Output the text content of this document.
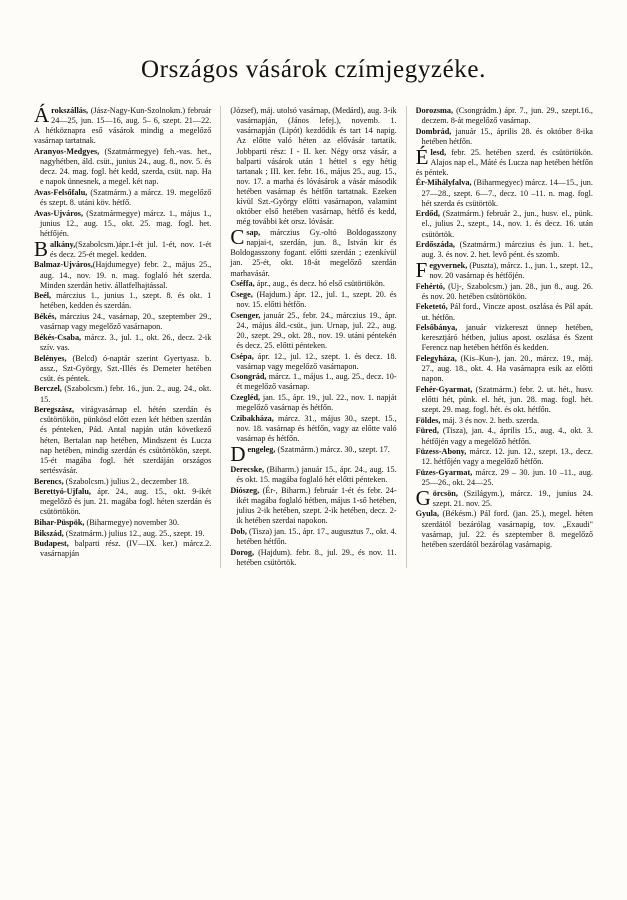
Országos vásárok czímjegyzéke.

Árokszállás, (Jász-Nagy-Kun-Szolnokm.) február 24—25, jun. 15—16, aug. 5– 6, szept. 21—22. A hétköznapra eső vásárok mindig a megelőző vasárnap tartatnak.

Aranyos-Medgyes, (Szatmármegye) feh.-vas. het., nagyhétben, áld. csüt., junius 24., aug. 8., nov. 5. és decz. 24. mag. fogl. hét kedd, szerda, csüt. nap. Ha e napok ünnesnek, a megel. két nap.

Avas-Felsőfalu, (Szatmárm.) a márcz. 19. megelőző és szept. 8. utáni köv. hétfő.

Avas-Ujváros, (Szatmármegye) márcz. 1., május 1., junius 12., aug. 15., okt. 25. mag. fogl. het. hétfőjén.

Balkány,(Szabolcsm.)ápr.1-ét jul. 1-ét, nov. 1-ét és decz. 25-ét megel. kedden.

Balmaz-Ujváros,(Hajdumegye) febr. 2., május 25., aug. 14., nov. 19. n. mag. foglaló hét szerda. Minden szerdán hetiv. állatfelhajtással.

Beél, márczius 1., junius 1., szept. 8. és okt. 1 hetében, kedden és szerdán.

Békés, márczius 24., vasárnap, 20., szeptember 29., vasárnap vagy megelőző vasárnapon.

Békés-Csaba, márcz. 3., jul. 1., okt. 26., decz. 2-ik szív. vas.

Belényes, (Belcd) ó-naptár szerint Gyertyasz. b. assz., Szt-György, Szt.-Illés és Demeter hetében csüt. és péntek.

Berczel, (Szabolcsm.) febr. 16., jun. 2., aug. 24., okt. 15.

Beregszász, virágvasárnap el. hétén szerdán és csütörtökön, pünkösd előtt ezen két hétben szerdán és pénteken, Pád. Antal napján után következő héten, Bertalan nap hetében, Mindszent és Lucza nap hetében, mindig szerdán és csütörtökön, szept. 15-ét magába fogl. hét szerdáján országos sertésvásár.

Berencs, (Szabolcsm.) julius 2., deczember 18.

Berettyó-Ujfalu, ápr. 24., aug. 15., okt. 9-ikét megelőző és jun. 21. magába fogl. héten szerdán és csütörtökön.

Bihar-Püspök, (Biharmegye) november 30.

Bikszád, (Szatmárm.) julius 12., aug. 25., szept. 19.

Budapest, balparti rész. (IV—IX. ker.) márcz.2. vasárnapján

(József), máj. utolsó vasárnap, (Medárd), aug. 3-ik vasárnapján, (János lefej.), novemb. 1. vasárnapján (Lipót) kezdődik és tart 14 napig. Az előtte való héten az elővásár tartatik. Jobbparti rész: I - II. ker. Négy orsz vásár, a balparti vásárok után 1 héttel s egy hétig tartanak ; III. ker. febr. 16., május 25., aug. 15., nov. 17. a marha és lóvásárok a vásár második hetében vasárnap és hétfőn tartatnak. Ezeken kívül Szt.-György előtti vasárnapon, valamint október első hetében vasárnap, hétfő és kedd, még további két orsz. lóvásár.

Csap, márczius Gy.-oltó Boldogasszony napjai-t, szerdán, jun. 8., István kir és Boldogasszony fogant. előtti szerdán ; ezenkívül jan. 25-ét, okt. 18-át megelőző szerdán marhavásár.

Cséffa, ápr., aug., és decz. hó első csütörtökön.

Csege, (Hajdum.) ápr. 12., jul. 1., szept. 20. és nov. 15. előtti hétfőn.

Csenger, január 25., febr. 24., márczius 19., ápr. 24., május áld.-csüt., jun. Urnap, jul. 22., aug. 20., szept. 29., okt. 28., nov. 19. utáni péntekén és decz. 25. előtti pénteken.

Csépa, ápr. 12., jul. 12., szept. 1. és decz. 18. vasárnap vagy megelőző vasárnapon.

Csongrád, márcz. 1., május 1., aug. 25., decz. 10-ét megelőző vasárnap.

Czegléd, jan. 15., ápr. 19., jul. 22., nov. 1. napját megelőző vasárnap és hétfőn.

Czibakháza, márcz. 31., május 30., szept. 15., nov. 18. vasárnap és hétfőn, vagy az előtte való vasárnap és hétfőn.

Dengeleg, (Szatmárm.) márcz. 30., szept. 17.

Derecske, (Biharm.) január 15., ápr. 24., aug. 15. és okt. 15. magába foglaló hét előtti pénteken.

Diószeg, (Ér-, Biharm.) február 1-ét és febr. 24-ikét magába foglaló hétben, május 1-ső hetében, julius 2-ik hetében, szept. 2-ik hetében, decz. 2-ik hetében szerdai napokon.

Dob, (Tisza) jan. 15., ápr. 17., augusztus 7., okt. 4. hetében hétfőn.

Dorog, (Hajdum). febr. 8., jul. 29., és nov. 11. hetében csütörtök.

Dorozsma, (Csongrádm.) ápr. 7., jun. 29., szept.16., deczem. 8-át megelőző vasárnap.

Dombrád, január 15., április 28. és október 8-ika hetében hétfőn.

Élesd, febr. 25. hetében szerd. és csütörtökön. Alajos nap el., Máté és Lucza nap hetében hétfőn és péntek.

Ér-Mihályfalva, (Biharmegyec) márcz. 14—15., jun. 27—28., szept. 6—7., decz. 10 –11. n. mag. fogl. hét szerda és csütörtök.

Erdőd, (Szatmárm.) február 2., jun., husv. el., pünk. el., julius 2., szept., 14., nov. 1. és decz. 16. után csütörtök.

Erdőszáda, (Szatmárm.) márczius és jun. 1. het., aug. 3. és nov. 2. het. levő pént. és szomb.

Fegyvernek, (Puszta), márcz. 1., jun. 1., szept. 12., nov. 20 vasárnap és hétfőjén.

Fehértó, (Uj-, Szabolcsm.) jan. 28., jun 8., aug. 26. és nov. 20. hetében csütörtökön.

Feketetó, Pál ford., Vincze apost. oszlása és Pál apát. ut. hétfőn.

Felsőbánya, január vizkereszt ünnep hetében, keresztjáró hétben, julius apost. oszlása és Szent Ferencz nap hetében hétfőn és kedden.

Felegyháza, (Kis–Kun-), jan. 20., márcz. 19., máj. 27., aug. 18., okt. 4. Ha vasárnapra esik az előtti napon.

Fehér-Gyarmat, (Szatmárm.) febr. 2. ut. hét., husv. előtti hét, pünk. el. hét, jun. 28. mag. fogl. hét. szept. 29. mag. fogl. hét. és okt. hétfőn.

Földes, máj. 3 és nov. 2. hetb. szerda.

Füred, (Tisza), jan. 4., április 15., aug. 4., okt. 3. hétfőjén vagy a megelőző hétfőn.

Füzess-Abony, márcz. 12. jun. 12., szept. 13., decz. 12. hétfőjén vagy a megelőző hétfőn.

Füzes-Gyarmat, márcz. 29 – 30. jun. 10 –11., aug. 25—26., okt. 24—25.

Görcsön, (Szilágym.), márcz. 19., junius 24. szept. 21. nov. 25.

Gyula, (Békésm.) Pál ford. (jan. 25.), megel. héten szerdától bezárólag vasárnapig, tov. „Exaudi" vasárnap, jul. 22. és szeptember 8. megelőző hetében szerdától bezárólag vasárnapig.
